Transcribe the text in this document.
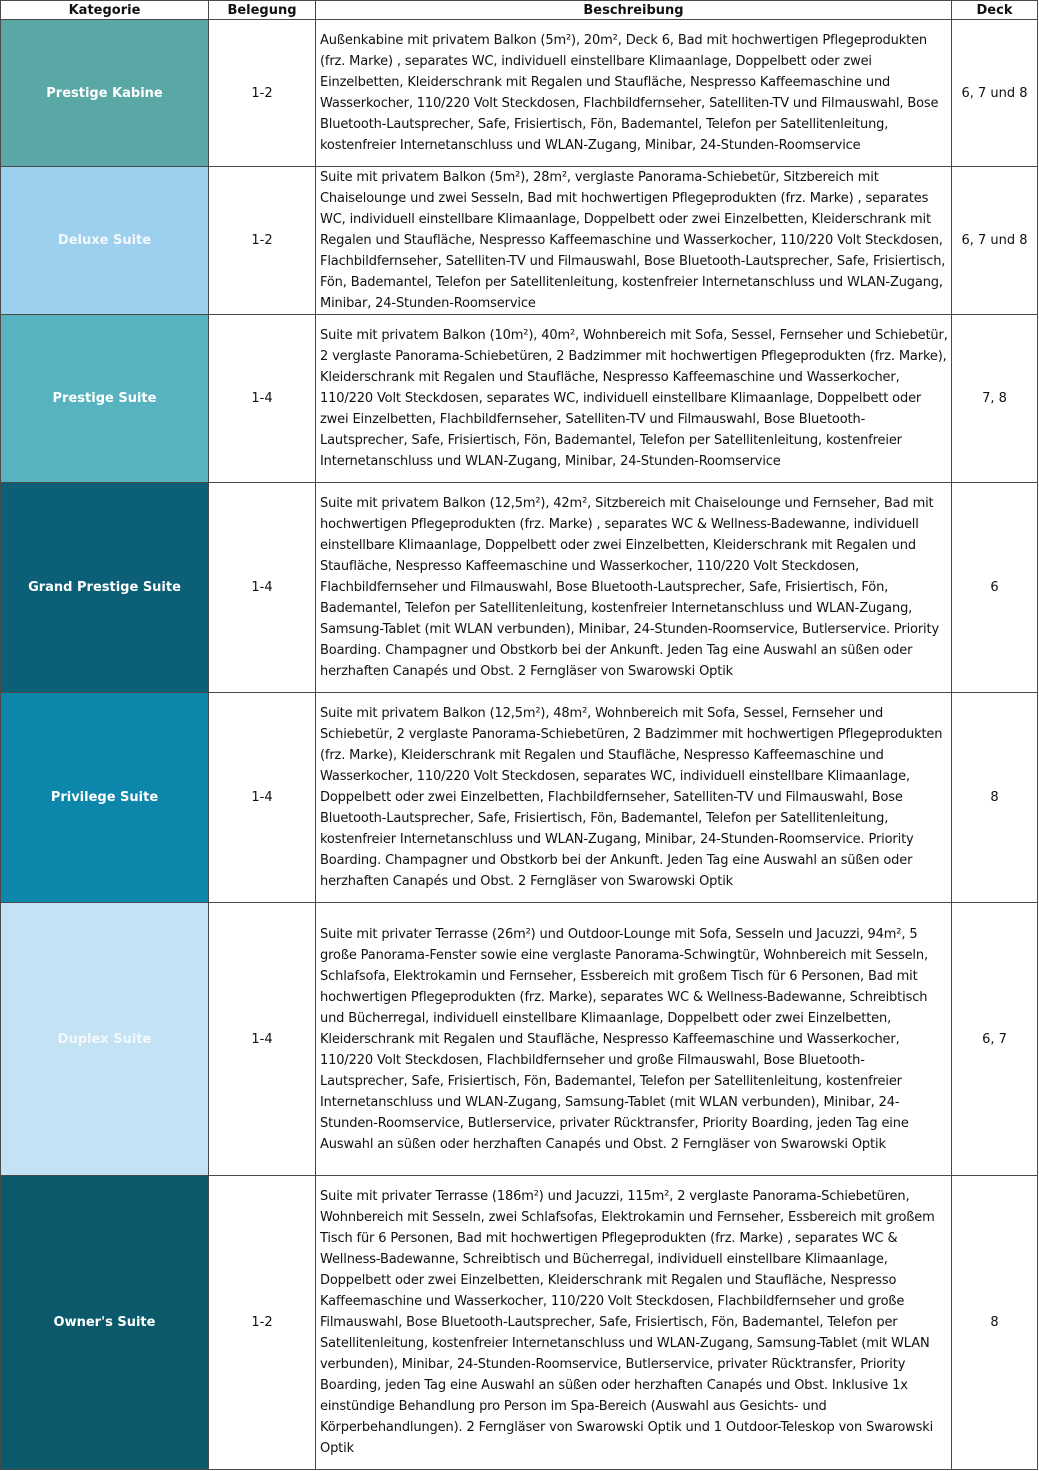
Kategorie	Belegung	Beschreibung	Deck
Prestige Kabine	1-2	Außenkabine mit privatem Balkon (5m²), 20m², Deck 6, Bad mit hochwertigen Pflegeprodukten (frz. Marke) , separates WC, individuell einstellbare Klimaanlage, Doppelbett oder zwei Einzelbetten, Kleiderschrank mit Regalen und Staufläche, Nespresso Kaffeemaschine und Wasserkocher, 110/220 Volt Steckdosen, Flachbildfernseher, Satelliten-TV und Filmauswahl, Bose Bluetooth-Lautsprecher, Safe, Frisiertisch, Fön, Bademantel, Telefon per Satellitenleitung, kostenfreier Internetanschluss und WLAN-Zugang, Minibar, 24-Stunden-Roomservice	6, 7 und 8
Deluxe Suite	1-2	Suite mit privatem Balkon (5m²), 28m², verglaste Panorama-Schiebetür, Sitzbereich mit Chaiselounge und zwei Sesseln, Bad mit hochwertigen Pflegeprodukten (frz. Marke) , separates WC, individuell einstellbare Klimaanlage, Doppelbett oder zwei Einzelbetten, Kleiderschrank mit Regalen und Staufläche, Nespresso Kaffeemaschine und Wasserkocher, 110/220 Volt Steckdosen, Flachbildfernseher, Satelliten-TV und Filmauswahl, Bose Bluetooth-Lautsprecher, Safe, Frisiertisch, Fön, Bademantel, Telefon per Satellitenleitung, kostenfreier Internetanschluss und WLAN-Zugang, Minibar, 24-Stunden-Roomservice	6, 7 und 8
Prestige Suite	1-4	Suite mit privatem Balkon (10m²), 40m², Wohnbereich mit Sofa, Sessel, Fernseher und Schiebetür, 2 verglaste Panorama-Schiebetüren, 2 Badzimmer mit hochwertigen Pflegeprodukten (frz. Marke), Kleiderschrank mit Regalen und Staufläche, Nespresso Kaffeemaschine und Wasserkocher, 110/220 Volt Steckdosen, separates WC, individuell einstellbare Klimaanlage, Doppelbett oder zwei Einzelbetten, Flachbildfernseher, Satelliten-TV und Filmauswahl, Bose Bluetooth-Lautsprecher, Safe, Frisiertisch, Fön, Bademantel, Telefon per Satellitenleitung, kostenfreier Internetanschluss und WLAN-Zugang, Minibar, 24-Stunden-Roomservice	7, 8
Grand Prestige Suite	1-4	Suite mit privatem Balkon (12,5m²), 42m², Sitzbereich mit Chaiselounge und Fernseher, Bad mit hochwertigen Pflegeprodukten (frz. Marke) , separates WC & Wellness-Badewanne, individuell einstellbare Klimaanlage, Doppelbett oder zwei Einzelbetten, Kleiderschrank mit Regalen und Staufläche, Nespresso Kaffeemaschine und Wasserkocher, 110/220 Volt Steckdosen, Flachbildfernseher und Filmauswahl, Bose Bluetooth-Lautsprecher, Safe, Frisiertisch, Fön, Bademantel, Telefon per Satellitenleitung, kostenfreier Internetanschluss und WLAN-Zugang, Samsung-Tablet (mit WLAN verbunden), Minibar, 24-Stunden-Roomservice, Butlerservice. Priority Boarding. Champagner und Obstkorb bei der Ankunft. Jeden Tag eine Auswahl an süßen oder herzhaften Canapés und Obst. 2 Ferngläser von Swarowski Optik	6
Privilege Suite	1-4	Suite mit privatem Balkon (12,5m²), 48m², Wohnbereich mit Sofa, Sessel, Fernseher und Schiebetür, 2 verglaste Panorama-Schiebetüren, 2 Badzimmer mit hochwertigen Pflegeprodukten (frz. Marke), Kleiderschrank mit Regalen und Staufläche, Nespresso Kaffeemaschine und Wasserkocher, 110/220 Volt Steckdosen, separates WC, individuell einstellbare Klimaanlage, Doppelbett oder zwei Einzelbetten, Flachbildfernseher, Satelliten-TV und Filmauswahl, Bose Bluetooth-Lautsprecher, Safe, Frisiertisch, Fön, Bademantel, Telefon per Satellitenleitung, kostenfreier Internetanschluss und WLAN-Zugang, Minibar, 24-Stunden-Roomservice. Priority Boarding. Champagner und Obstkorb bei der Ankunft. Jeden Tag eine Auswahl an süßen oder herzhaften Canapés und Obst. 2 Ferngläser von Swarowski Optik	8
Duplex Suite	1-4	Suite mit privater Terrasse (26m²) und Outdoor-Lounge mit Sofa, Sesseln und Jacuzzi, 94m², 5 große Panorama-Fenster sowie eine verglaste Panorama-Schwingtür, Wohnbereich mit Sesseln, Schlafsofa, Elektrokamin und Fernseher, Essbereich mit großem Tisch für 6 Personen, Bad mit hochwertigen Pflegeprodukten (frz. Marke), separates WC & Wellness-Badewanne, Schreibtisch und Bücherregal, individuell einstellbare Klimaanlage, Doppelbett oder zwei Einzelbetten, Kleiderschrank mit Regalen und Staufläche, Nespresso Kaffeemaschine und Wasserkocher, 110/220 Volt Steckdosen, Flachbildfernseher und große Filmauswahl, Bose Bluetooth-Lautsprecher, Safe, Frisiertisch, Fön, Bademantel, Telefon per Satellitenleitung, kostenfreier Internetanschluss und WLAN-Zugang, Samsung-Tablet (mit WLAN verbunden), Minibar, 24-Stunden-Roomservice, Butlerservice, privater Rücktransfer, Priority Boarding, jeden Tag eine Auswahl an süßen oder herzhaften Canapés und Obst. 2 Ferngläser von Swarowski Optik	6, 7
Owner's Suite	1-2	Suite mit privater Terrasse (186m²) und Jacuzzi, 115m², 2 verglaste Panorama-Schiebetüren, Wohnbereich mit Sesseln, zwei Schlafsofas, Elektrokamin und Fernseher, Essbereich mit großem Tisch für 6 Personen, Bad mit hochwertigen Pflegeprodukten (frz. Marke) , separates WC & Wellness-Badewanne, Schreibtisch und Bücherregal, individuell einstellbare Klimaanlage, Doppelbett oder zwei Einzelbetten, Kleiderschrank mit Regalen und Staufläche, Nespresso Kaffeemaschine und Wasserkocher, 110/220 Volt Steckdosen, Flachbildfernseher und große Filmauswahl, Bose Bluetooth-Lautsprecher, Safe, Frisiertisch, Fön, Bademantel, Telefon per Satellitenleitung, kostenfreier Internetanschluss und WLAN-Zugang, Samsung-Tablet (mit WLAN verbunden), Minibar, 24-Stunden-Roomservice, Butlerservice, privater Rücktransfer, Priority Boarding, jeden Tag eine Auswahl an süßen oder herzhaften Canapés und Obst. Inklusive 1x einstündige Behandlung pro Person im Spa-Bereich (Auswahl aus Gesichts- und Körperbehandlungen). 2 Ferngläser von Swarowski Optik und 1 Outdoor-Teleskop von Swarowski Optik	8
